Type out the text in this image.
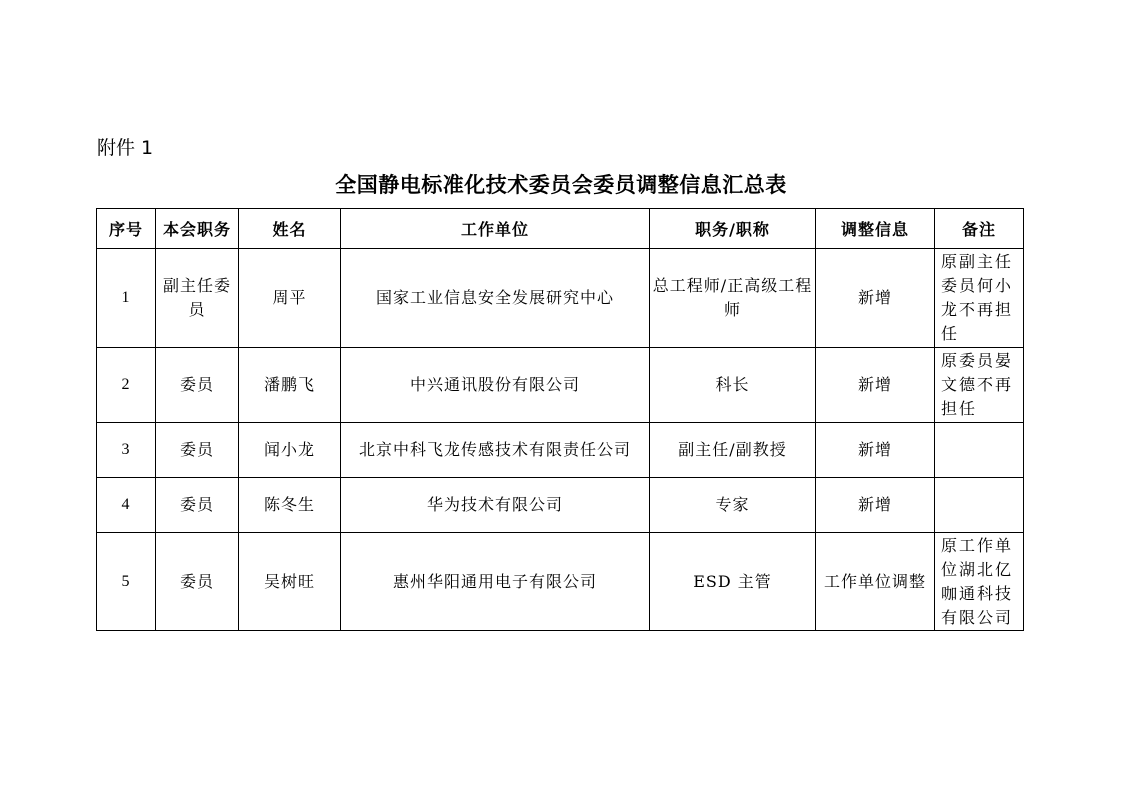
附件 1
全国静电标准化技术委员会委员调整信息汇总表
序号	本会职务	姓名	工作单位	职务/职称	调整信息	备注
1	副主任委员	周平	国家工业信息安全发展研究中心	总工程师/正高级工程师	新增	原副主任委员何小龙不再担任
2	委员	潘鹏飞	中兴通讯股份有限公司	科长	新增	原委员晏文德不再担任
3	委员	闻小龙	北京中科飞龙传感技术有限责任公司	副主任/副教授	新增	
4	委员	陈冬生	华为技术有限公司	专家	新增	
5	委员	吴树旺	惠州华阳通用电子有限公司	ESD 主管	工作单位调整	原工作单位湖北亿咖通科技有限公司
